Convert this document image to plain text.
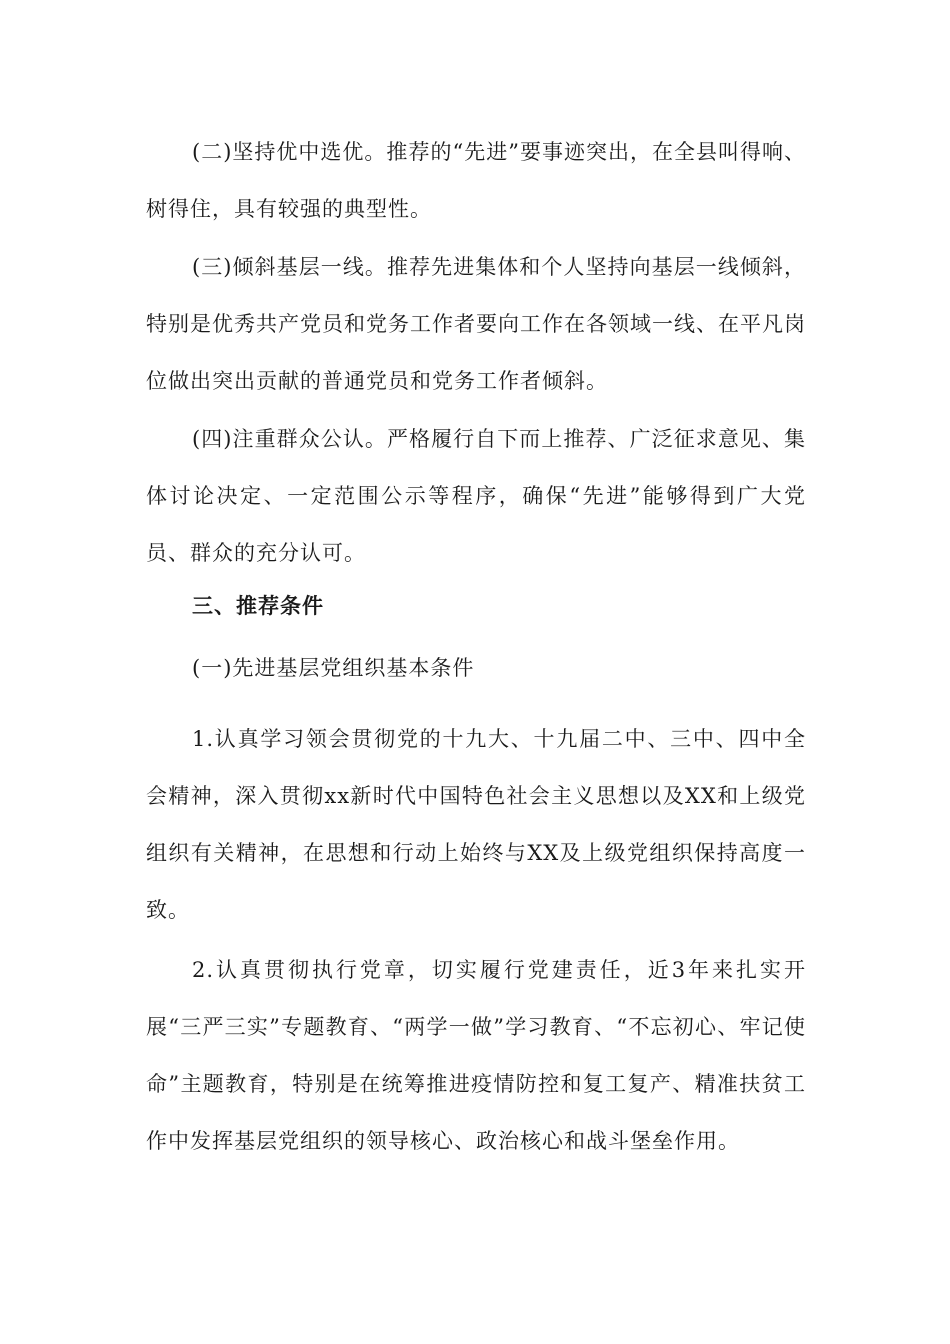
(二)坚持优中选优。推荐的“先进”要事迹突出，在全县叫得响、树得住，具有较强的典型性。

(三)倾斜基层一线。推荐先进集体和个人坚持向基层一线倾斜，特别是优秀共产党员和党务工作者要向工作在各领域一线、在平凡岗位做出突出贡献的普通党员和党务工作者倾斜。

(四)注重群众公认。严格履行自下而上推荐、广泛征求意见、集体讨论决定、一定范围公示等程序，确保“先进”能够得到广大党员、群众的充分认可。

三、推荐条件

(一)先进基层党组织基本条件

1.认真学习领会贯彻党的十九大、十九届二中、三中、四中全会精神，深入贯彻xx新时代中国特色社会主义思想以及XX和上级党组织有关精神，在思想和行动上始终与XX及上级党组织保持高度一致。

2.认真贯彻执行党章，切实履行党建责任，近3年来扎实开展“三严三实”专题教育、“两学一做”学习教育、“不忘初心、牢记使命”主题教育，特别是在统筹推进疫情防控和复工复产、精准扶贫工作中发挥基层党组织的领导核心、政治核心和战斗堡垒作用。
